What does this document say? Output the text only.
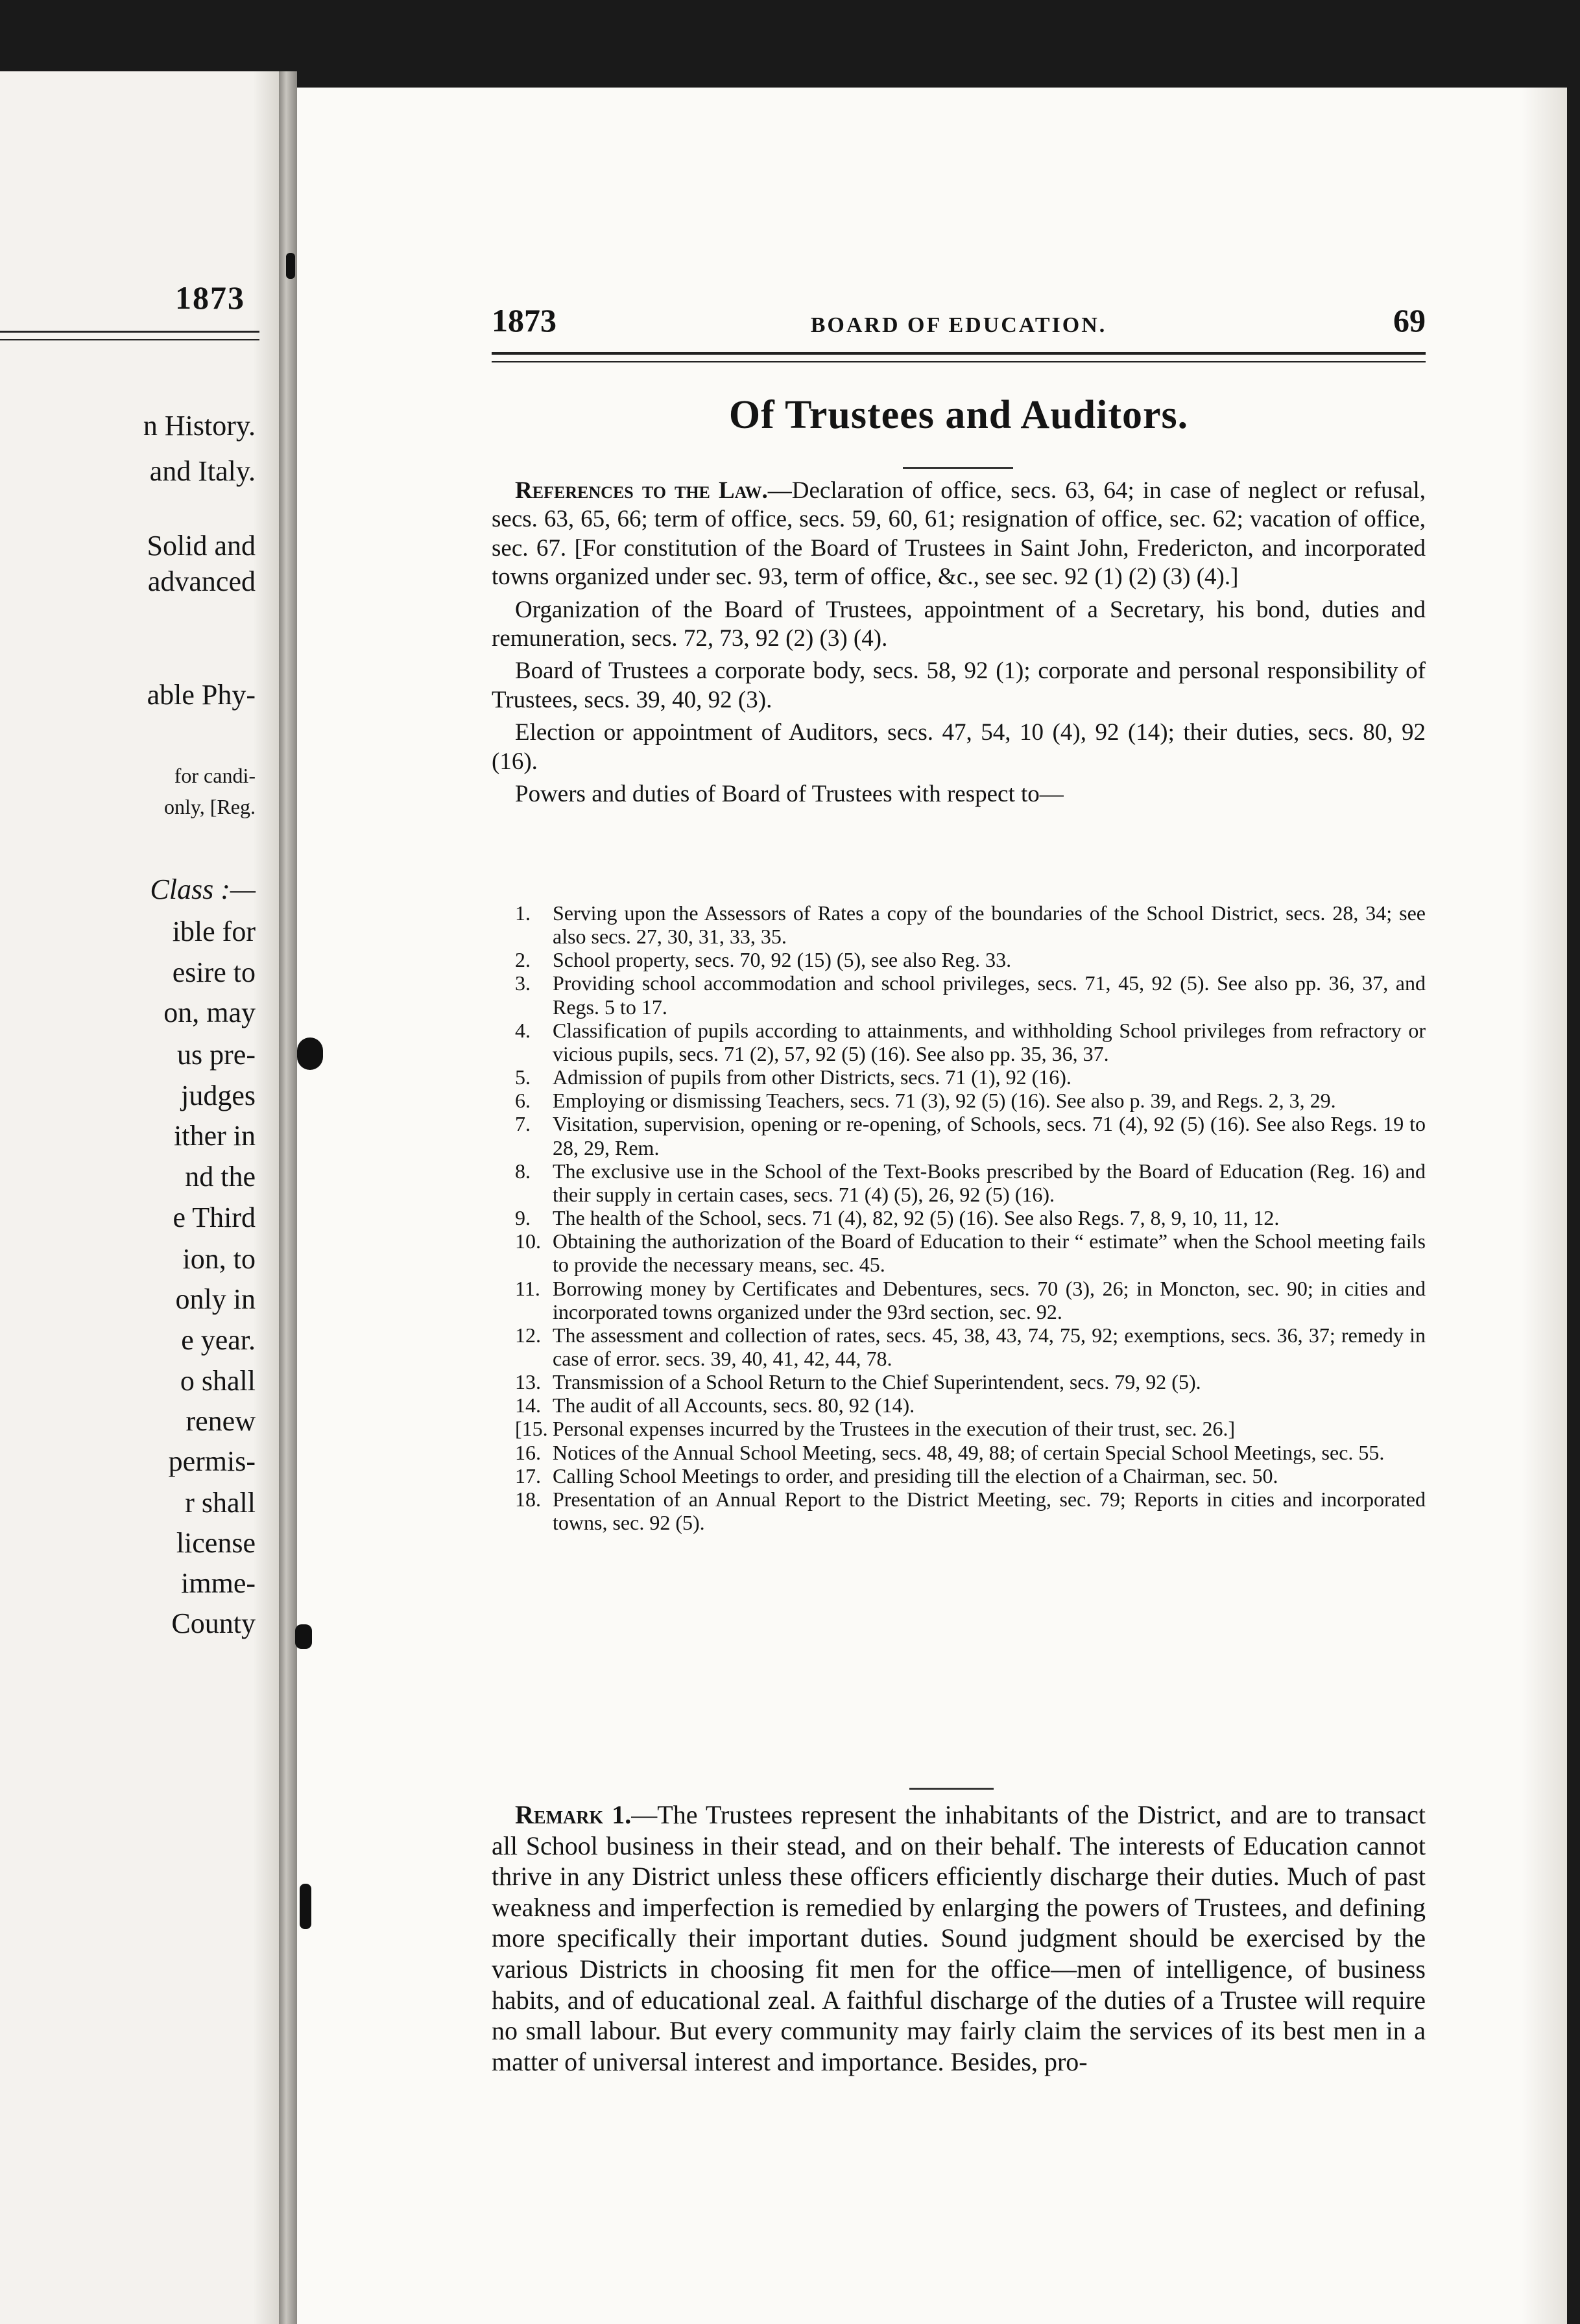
1873
n History.
and Italy.
Solid and
advanced
able Phy-
for candi-
only, [Reg.
Class :—
ible for
esire to
on, may
us pre-
judges
ither in
nd the
e Third
ion, to
only in
e year.
o shall
renew
permis-
r shall
license
imme-
County
1873	BOARD OF EDUCATION.	69
Of Trustees and Auditors.

References to the Law.—Declaration of office, secs. 63, 64; in case of neglect or refusal, secs. 63, 65, 66; term of office, secs. 59, 60, 61; resignation of office, sec. 62; vacation of office, sec. 67. [For constitution of the Board of Trustees in Saint John, Fredericton, and incorporated towns organized under sec. 93, term of office, &c., see sec. 92 (1) (2) (3) (4).]

Organization of the Board of Trustees, appointment of a Secretary, his bond, duties and remuneration, secs. 72, 73, 92 (2) (3) (4).

Board of Trustees a corporate body, secs. 58, 92 (1); corporate and personal responsibility of Trustees, secs. 39, 40, 92 (3).

Election or appointment of Auditors, secs. 47, 54, 10 (4), 92 (14); their duties, secs. 80, 92 (16).

Powers and duties of Board of Trustees with respect to—

1. Serving upon the Assessors of Rates a copy of the boundaries of the School District, secs. 28, 34; see also secs. 27, 30, 31, 33, 35.

2. School property, secs. 70, 92 (15) (5), see also Reg. 33.

3. Providing school accommodation and school privileges, secs. 71, 45, 92 (5). See also pp. 36, 37, and Regs. 5 to 17.

4. Classification of pupils according to attainments, and withholding School privileges from refractory or vicious pupils, secs. 71 (2), 57, 92 (5) (16). See also pp. 35, 36, 37.

5. Admission of pupils from other Districts, secs. 71 (1), 92 (16).

6. Employing or dismissing Teachers, secs. 71 (3), 92 (5) (16). See also p. 39, and Regs. 2, 3, 29.

7. Visitation, supervision, opening or re-opening, of Schools, secs. 71 (4), 92 (5) (16). See also Regs. 19 to 28, 29, Rem.

8. The exclusive use in the School of the Text-Books prescribed by the Board of Education (Reg. 16) and their supply in certain cases, secs. 71 (4) (5), 26, 92 (5) (16).

9. The health of the School, secs. 71 (4), 82, 92 (5) (16). See also Regs. 7, 8, 9, 10, 11, 12.

10. Obtaining the authorization of the Board of Education to their “ estimate” when the School meeting fails to provide the necessary means, sec. 45.

11. Borrowing money by Certificates and Debentures, secs. 70 (3), 26; in Moncton, sec. 90; in cities and incorporated towns organized under the 93rd section, sec. 92.

12. The assessment and collection of rates, secs. 45, 38, 43, 74, 75, 92; exemptions, secs. 36, 37; remedy in case of error. secs. 39, 40, 41, 42, 44, 78.

13. Transmission of a School Return to the Chief Superintendent, secs. 79, 92 (5).

14. The audit of all Accounts, secs. 80, 92 (14).

[15. Personal expenses incurred by the Trustees in the execution of their trust, sec. 26.]

16. Notices of the Annual School Meeting, secs. 48, 49, 88; of certain Special School Meetings, sec. 55.

17. Calling School Meetings to order, and presiding till the election of a Chairman, sec. 50.

18. Presentation of an Annual Report to the District Meeting, sec. 79; Reports in cities and incorporated towns, sec. 92 (5).

Remark 1.—The Trustees represent the inhabitants of the District, and are to transact all School business in their stead, and on their behalf. The interests of Education cannot thrive in any District unless these officers efficiently discharge their duties. Much of past weakness and imperfection is remedied by enlarging the powers of Trustees, and defining more specifically their important duties. Sound judgment should be exercised by the various Districts in choosing fit men for the office—men of intelligence, of business habits, and of educational zeal. A faithful discharge of the duties of a Trustee will require no small labour. But every community may fairly claim the services of its best men in a matter of universal interest and importance. Besides, pro-
